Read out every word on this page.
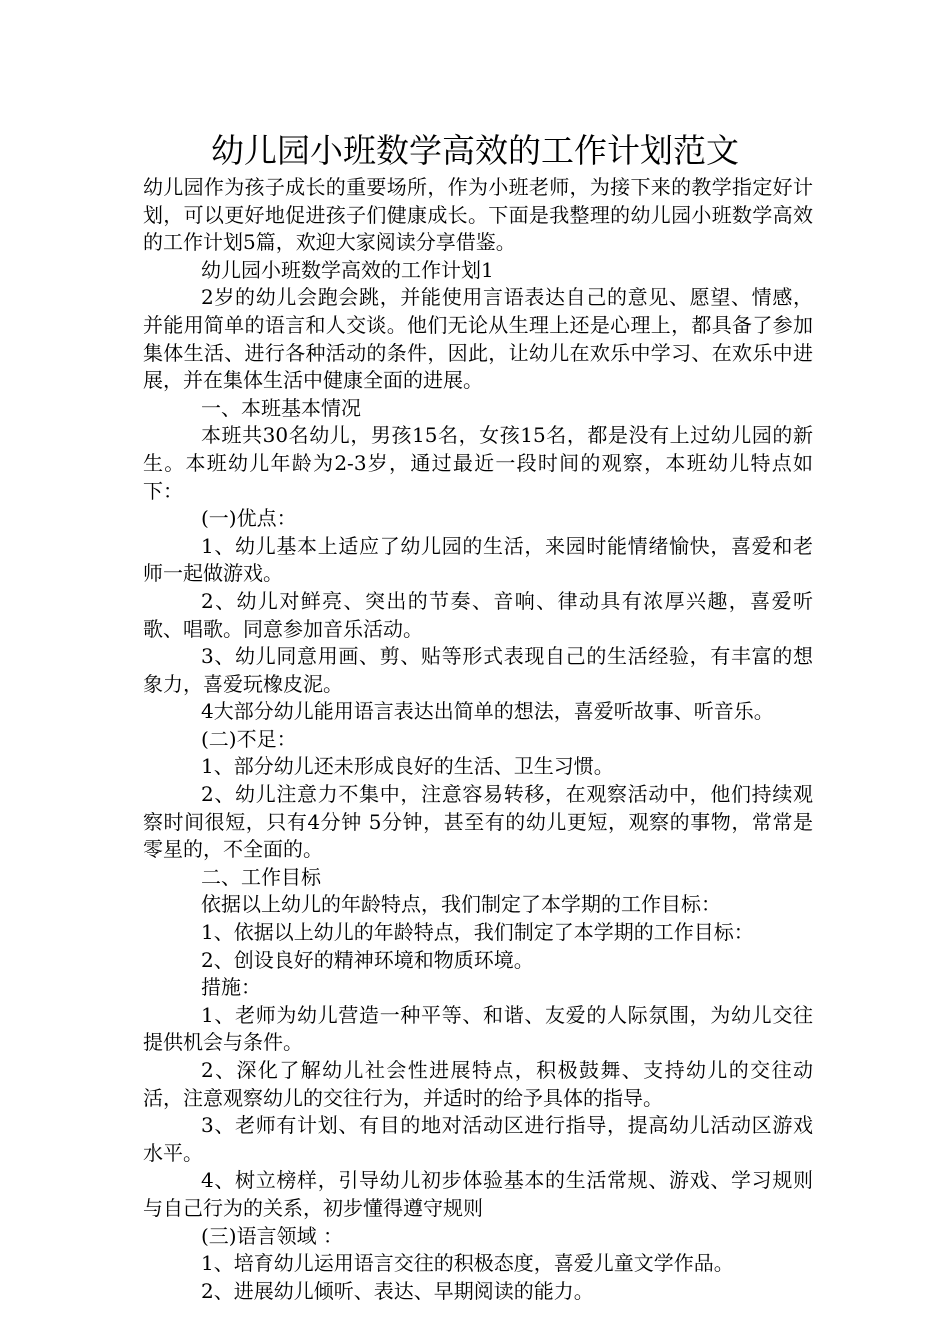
幼儿园小班数学高效的工作计划范文

幼儿园作为孩子成长的重要场所，作为小班老师，为接下来的教学指定好计划，可以更好地促进孩子们健康成长。下面是我整理的幼儿园小班数学高效的工作计划5篇，欢迎大家阅读分享借鉴。

幼儿园小班数学高效的工作计划1

2岁的幼儿会跑会跳，并能使用言语表达自己的意见、愿望、情感，并能用简单的语言和人交谈。他们无论从生理上还是心理上，都具备了参加集体生活、进行各种活动的条件，因此，让幼儿在欢乐中学习、在欢乐中进展，并在集体生活中健康全面的进展。

一、本班基本情况

本班共30名幼儿，男孩15名，女孩15名，都是没有上过幼儿园的新生。本班幼儿年龄为2-3岁，通过最近一段时间的观察，本班幼儿特点如下：

(一)优点：

1、幼儿基本上适应了幼儿园的生活，来园时能情绪愉快，喜爱和老师一起做游戏。

2、幼儿对鲜亮、突出的节奏、音响、律动具有浓厚兴趣，喜爱听歌、唱歌。同意参加音乐活动。

3、幼儿同意用画、剪、贴等形式表现自己的生活经验，有丰富的想象力，喜爱玩橡皮泥。

4大部分幼儿能用语言表达出简单的想法，喜爱听故事、听音乐。

(二)不足：

1、部分幼儿还未形成良好的生活、卫生习惯。

2、幼儿注意力不集中，注意容易转移，在观察活动中，他们持续观察时间很短，只有4分钟 5分钟，甚至有的幼儿更短，观察的事物，常常是零星的，不全面的。

二、工作目标

依据以上幼儿的年龄特点，我们制定了本学期的工作目标：

1、依据以上幼儿的年龄特点，我们制定了本学期的工作目标：

2、创设良好的精神环境和物质环境。

措施：

1、老师为幼儿营造一种平等、和谐、友爱的人际氛围，为幼儿交往提供机会与条件。

2、深化了解幼儿社会性进展特点，积极鼓舞、支持幼儿的交往动活，注意观察幼儿的交往行为，并适时的给予具体的指导。

3、老师有计划、有目的地对活动区进行指导，提高幼儿活动区游戏水平。

4、树立榜样，引导幼儿初步体验基本的生活常规、游戏、学习规则与自己行为的关系，初步懂得遵守规则

(三)语言领域 ：

1、培育幼儿运用语言交往的积极态度，喜爱儿童文学作品。

2、进展幼儿倾听、表达、早期阅读的能力。
